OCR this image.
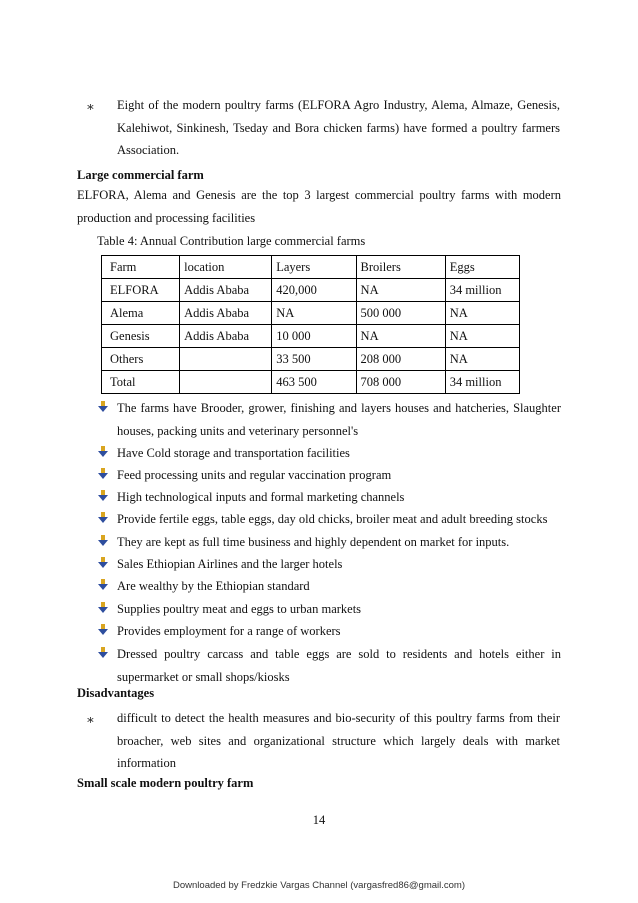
∗ Eight of the modern poultry farms (ELFORA Agro Industry, Alema, Almaze, Genesis, Kalehiwot, Sinkinesh, Tseday and Bora chicken farms) have formed a poultry farmers Association.
Large commercial farm
ELFORA, Alema and Genesis are the top 3 largest commercial poultry farms with modern production and processing facilities
Table 4: Annual Contribution large commercial farms
Farm	location	Layers	Broilers	Eggs
ELFORA	Addis Ababa	420,000	NA	34 million
Alema	Addis Ababa	NA	500 000	NA
Genesis	Addis Ababa	10 000	NA	NA
Others		33 500	208 000	NA
Total		463 500	708 000	34 million
The farms have Brooder, grower, finishing and layers houses and hatcheries, Slaughter houses, packing units and veterinary personnel's
Have Cold storage and transportation facilities
Feed processing units and regular vaccination program
High technological inputs and formal marketing channels
Provide fertile eggs, table eggs, day old chicks, broiler meat and adult breeding stocks
They are kept as full time business and highly dependent on market for inputs.
Sales Ethiopian Airlines and the larger hotels
Are wealthy by the Ethiopian standard
Supplies poultry meat and eggs to urban markets
Provides employment for a range of workers
Dressed poultry carcass and table eggs are sold to residents and hotels either in supermarket or small shops/kiosks
Disadvantages
∗ difficult to detect the health measures and bio-security of this poultry farms from their broacher, web sites and organizational structure which largely deals with market information
Small scale modern poultry farm
14
Downloaded by Fredzkie Vargas Channel (vargasfred86@gmail.com)
